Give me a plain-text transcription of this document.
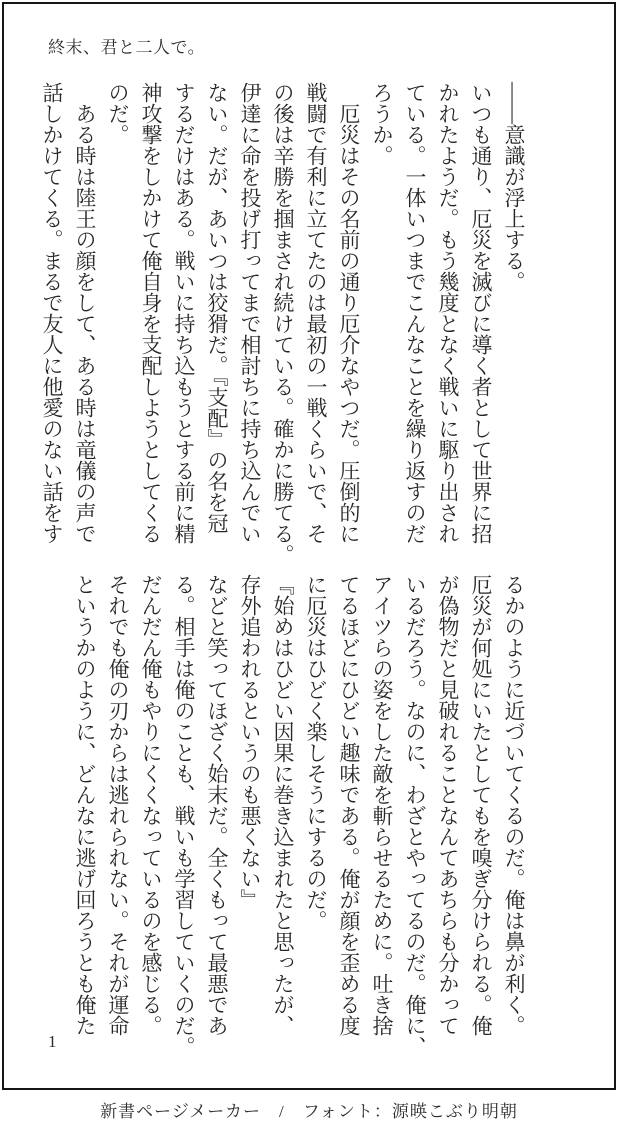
終末、君と二人で。
――意識が浮上する。
いつも通り、厄災を滅びに導く者として世界に招
かれたようだ。もう幾度となく戦いに駆り出され
ている。一体いつまでこんなことを繰り返すのだ
ろうか。
　厄災はその名前の通り厄介なやつだ。圧倒的に
戦闘で有利に立てたのは最初の一戦くらいで、そ
の後は辛勝を掴まされ続けている。確かに勝てる。
伊達に命を投げ打ってまで相討ちに持ち込んでい
ない。だが、あいつは狡猾だ。『支配』の名を冠
するだけはある。戦いに持ち込もうとする前に精
神攻撃をしかけて俺自身を支配しようとしてくる
のだ。
　ある時は陸王の顔をして、ある時は竜儀の声で
話しかけてくる。まるで友人に他愛のない話をす
るかのように近づいてくるのだ。俺は鼻が利く。
厄災が何処にいたとしてもを嗅ぎ分けられる。俺
が偽物だと見破れることなんてあちらも分かって
いるだろう。なのに、わざとやってるのだ。俺に、
アイツらの姿をした敵を斬らせるために。吐き捨
てるほどにひどい趣味である。俺が顔を歪める度
に厄災はひどく楽しそうにするのだ。
『始めはひどい因果に巻き込まれたと思ったが、
存外追われるというのも悪くない』
などと笑ってほざく始末だ。全くもって最悪であ
る。相手は俺のことも、戦いも学習していくのだ。
だんだん俺もやりにくくなっているのを感じる。
それでも俺の刃からは逃れられない。それが運命
というかのように、どんなに逃げ回ろうとも俺た
1
新書ページメーカー　/　フォント：源暎こぶり明朝
